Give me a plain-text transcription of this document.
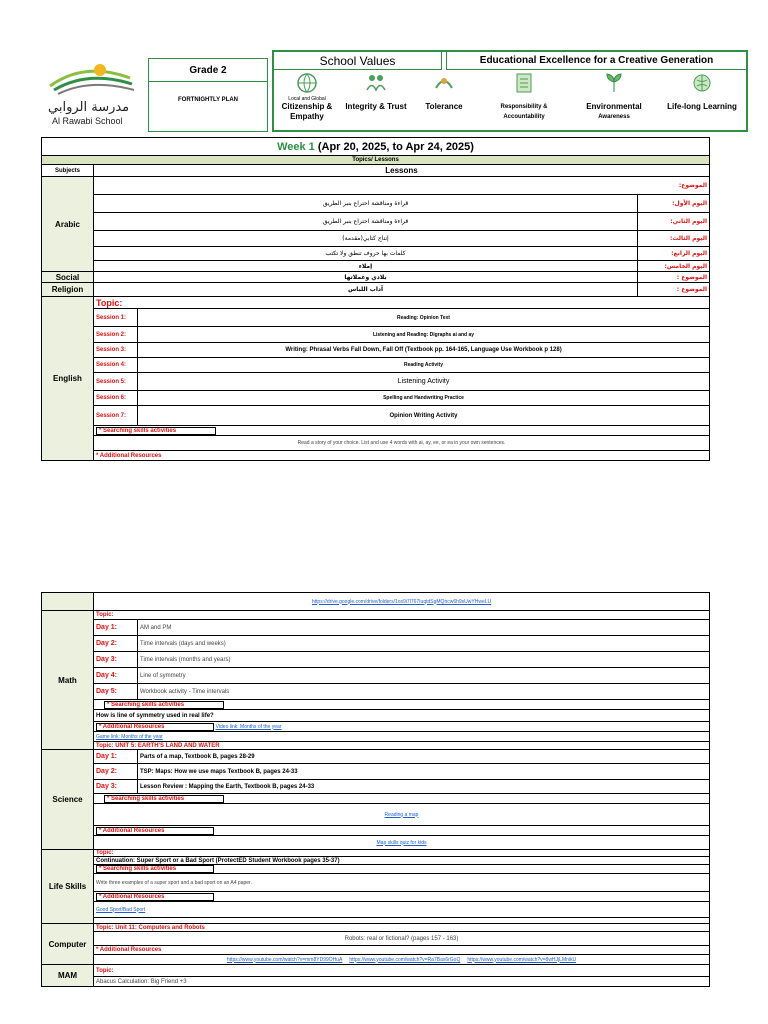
مدرسة الروابي
Al Rawabi School
Grade 2
FORTNIGHTLY PLAN
School Values	Educational Excellence for a Creative Generation
Local and Global
Citizenship &
Empathy

Integrity & Trust
	Tolerance
	Responsibility &
Accountability

Environmental
Awareness

Life-long Learning
Week 1 (Apr 20, 2025, to Apr 24, 2025)			
Topics/ Lessons			
Subjects	Lessons		
Arabic	الموضوع:		
	قراءة ومناقشة احتراع بنبر الطريق		اليوم الأول:
	قراءة ومناقشة احتراع بنبر الطريق		اليوم الثاني:
	إنتاج كتابي(مقدمة)		اليوم الثالث:
	كلمات بها حروف تنطق ولا تكتب		اليوم الرابع:
	إملاء		اليوم الخامس:
Social	بلادي وعملاتها		الموضوع :
Religion	آداب اللباس		الموضوع :
English	Topic:		
	Session 1:	Reading: Opinion Text	
	Session 2:	Listening and Reading: Digraphs ai and ay	
	Session 3:	Writing: Phrasal Verbs Fall Down, Fall Off (Textbook pp. 164-165, Language Use Workbook p 128)	
	Session 4:	Reading Activity	
	Session 5:	Listening Activity	
	Session 6:	Spelling and Handwriting Practice	
	Session 7:	Opinion Writing Activity	
	* Searching skills activities		
	Read a story of your choice. List and use 4 words with ai, ay, ee, or ea in your own sentences.		
	* Additional Resources		
	https://drive.google.com/drive/folders/1os9i7l767IuqtdSgMQncw6h9sUwYHweLU	
Math	Topic:	
	Day 1:	AM and PM
	Day 2:	Time intervals (days and weeks)
	Day 3:	Time intervals (months and years)
	Day 4:	Line of symmetry
	Day 5:	Workbook activity - Time intervals
	* Searching skills activities	
	How is line of symmetry used in real life?	
	* Additional Resources Video link: Months of the year	
	Game link: Months of the year	
	Topic: UNIT 5: EARTH'S LAND AND WATER	
Science	Day 1:	Parts of a map, Textbook B, pages 28-29
	Day 2:	TSP: Maps: How we use maps Textbook B, pages 24-33
	Day 3:	Lesson Review : Mapping the Earth, Textbook B, pages 24-33
	* Searching skills activities	
	Reading a map	
	* Additional Resources	
	Map skills quiz for kids	
Life Skills	Topic:	
	Continuation: Super Sport or a Bad Sport (ProtectED Student Workbook pages 35-37)	
	* Searching skills activities	
	Write three examples of a super sport and a bad sport on an A4 paper.	
	* Additional Resources	
	Good Sport/Bad Sport	

Computer	Topic: Unit 11: Computers and Robots	
	Robots: real or fictional? (pages 157 - 163)	
	* Additional Resources	
	https://www.youtube.com/watch?v=mm8YD99OHuA https://www.youtube.com/watch?v=Ra7Bax6rGoQ https://www.youtube.com/watch?v=8wHJjLMnikU	
MAM	Topic:	
	Abacus Calculation: Big Friend +3	
